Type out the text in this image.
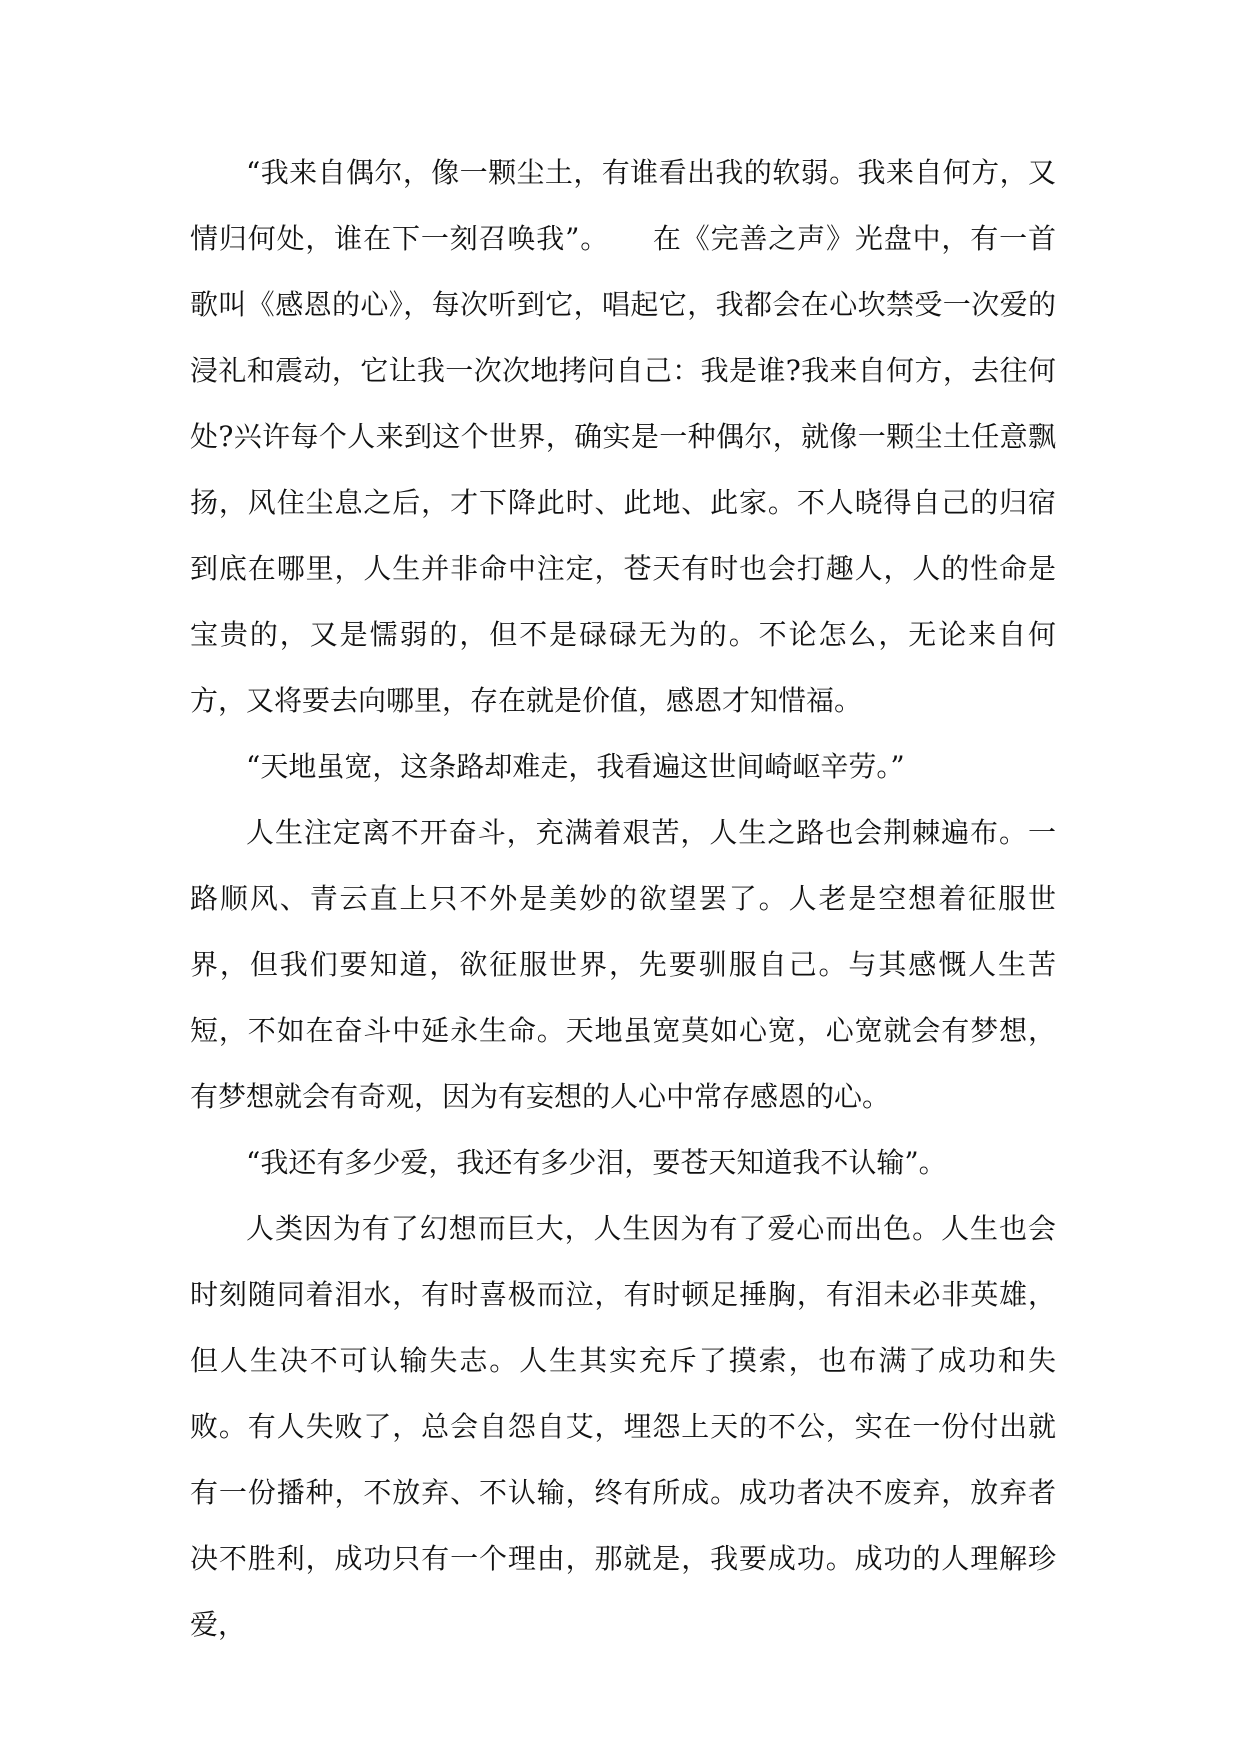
“我来自偶尔，像一颗尘土，有谁看出我的软弱。我来自何方，又情归何处，谁在下一刻召唤我”。　　在《完善之声》光盘中，有一首歌叫《感恩的心》，每次听到它，唱起它，我都会在心坎禁受一次爱的浸礼和震动，它让我一次次地拷问自己：我是谁?我来自何方，去往何处?兴许每个人来到这个世界，确实是一种偶尔，就像一颗尘土任意飘扬，风住尘息之后，才下降此时、此地、此家。不人晓得自己的归宿到底在哪里，人生并非命中注定，苍天有时也会打趣人，人的性命是宝贵的，又是懦弱的，但不是碌碌无为的。不论怎么，无论来自何方，又将要去向哪里，存在就是价值，感恩才知惜福。

“天地虽宽，这条路却难走，我看遍这世间崎岖辛劳。”

人生注定离不开奋斗，充满着艰苦，人生之路也会荆棘遍布。一路顺风、青云直上只不外是美妙的欲望罢了。人老是空想着征服世界，但我们要知道，欲征服世界，先要驯服自己。与其感慨人生苦短，不如在奋斗中延永生命。天地虽宽莫如心宽，心宽就会有梦想，有梦想就会有奇观，因为有妄想的人心中常存感恩的心。

“我还有多少爱，我还有多少泪，要苍天知道我不认输”。

人类因为有了幻想而巨大，人生因为有了爱心而出色。人生也会时刻随同着泪水，有时喜极而泣，有时顿足捶胸，有泪未必非英雄，但人生决不可认输失志。人生其实充斥了摸索，也布满了成功和失败。有人失败了，总会自怨自艾，埋怨上天的不公，实在一份付出就有一份播种，不放弃、不认输，终有所成。成功者决不废弃，放弃者决不胜利，成功只有一个理由，那就是，我要成功。成功的人理解珍爱，
